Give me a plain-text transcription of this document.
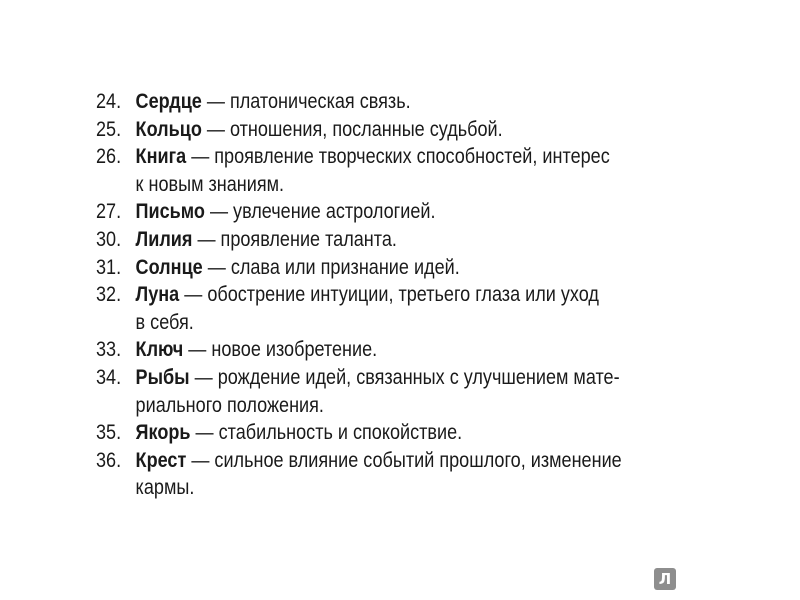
24. Сердце — платоническая связь.
25. Кольцо — отношения, посланные судьбой.
26. Книга — проявление творческих способностей, интерес
к новым знаниям.
27. Письмо — увлечение астрологией.
30. Лилия — проявление таланта.
31. Солнце — слава или признание идей.
32. Луна — обострение интуиции, третьего глаза или уход
в себя.
33. Ключ — новое изобретение.
34. Рыбы — рождение идей, связанных с улучшением мате-
риального положения.
35. Якорь — стабильность и спокойствие.
36. Крест — сильное влияние событий прошлого, изменение
кармы.
Л
